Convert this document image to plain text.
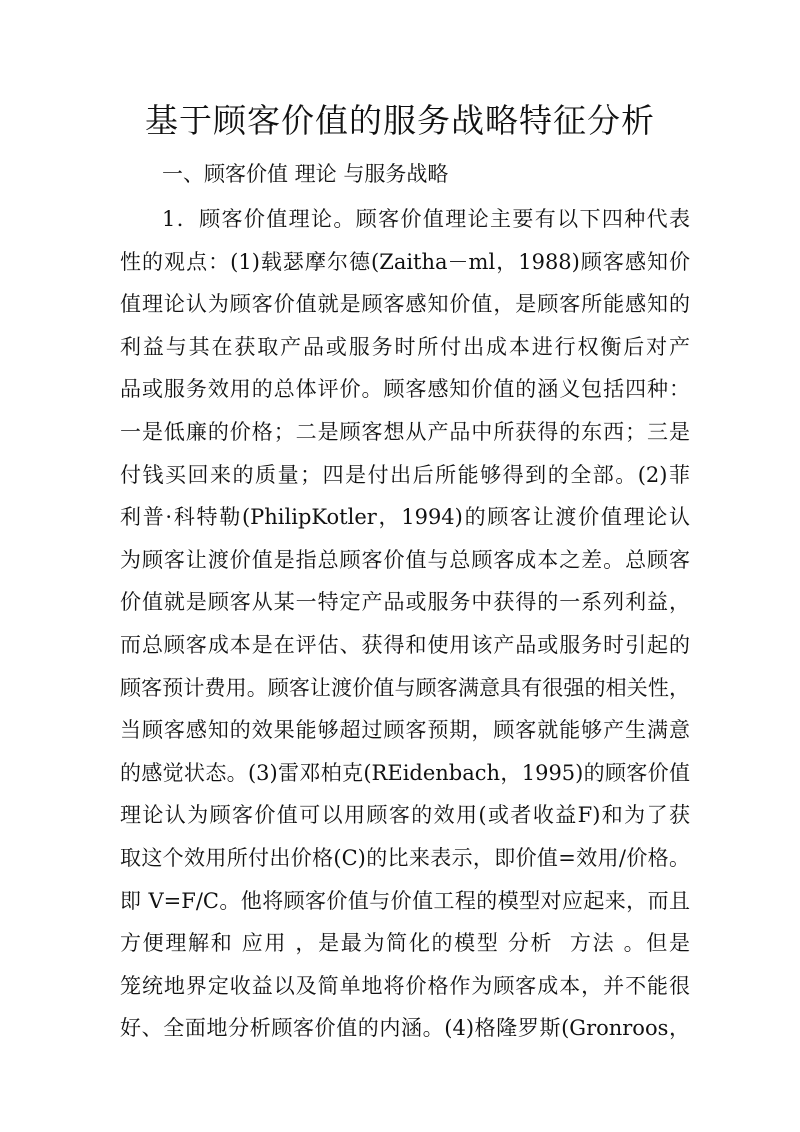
基于顾客价值的服务战略特征分析
一、顾客价值 理论 与服务战略
1．顾客价值理论。顾客价值理论主要有以下四种代表
性的观点：(1)载瑟摩尔德(Zaitha－ml，1988)顾客感知价
值理论认为顾客价值就是顾客感知价值，是顾客所能感知的
利益与其在获取产品或服务时所付出成本进行权衡后对产
品或服务效用的总体评价。顾客感知价值的涵义包括四种：
一是低廉的价格；二是顾客想从产品中所获得的东西；三是
付钱买回来的质量；四是付出后所能够得到的全部。(2)菲
利普·科特勒(PhilipKotler，1994)的顾客让渡价值理论认
为顾客让渡价值是指总顾客价值与总顾客成本之差。总顾客
价值就是顾客从某一特定产品或服务中获得的一系列利益，
而总顾客成本是在评估、获得和使用该产品或服务时引起的
顾客预计费用。顾客让渡价值与顾客满意具有很强的相关性，
当顾客感知的效果能够超过顾客预期，顾客就能够产生满意
的感觉状态。(3)雷邓柏克(REidenbach，1995)的顾客价值
理论认为顾客价值可以用顾客的效用(或者收益F)和为了获
取这个效用所付出价格(C)的比来表示，即价值=效用/价格。
即 V=F/C。他将顾客价值与价值工程的模型对应起来，而且
方便理解和 应用 ，是最为简化的模型 分析  方法 。但是
笼统地界定收益以及简单地将价格作为顾客成本，并不能很
好、全面地分析顾客价值的内涵。(4)格隆罗斯(Gronroos，
